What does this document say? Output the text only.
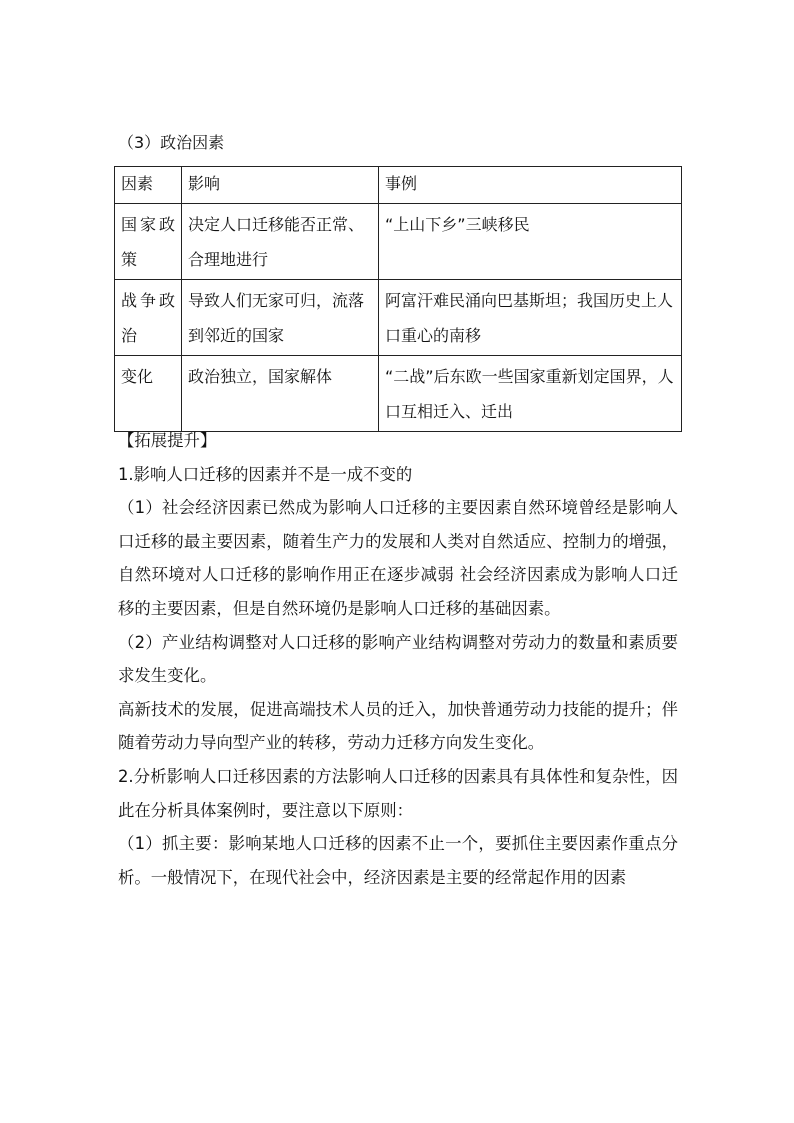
（3）政治因素
因素	影响	事例
国家政策	决定人口迁移能否正常、合理地进行	“上山下乡”三峡移民
战争政治	导致人们无家可归，流落到邻近的国家	阿富汗难民涌向巴基斯坦；我国历史上人口重心的南移
变化	政治独立，国家解体	“二战”后东欧一些国家重新划定国界，人口互相迁入、迁出

【拓展提升】

1.影响人口迁移的因素并不是一成不变的

（1）社会经济因素已然成为影响人口迁移的主要因素自然环境曾经是影响人口迁移的最主要因素，随着生产力的发展和人类对自然适应、控制力的增强，自然环境对人口迁移的影响作用正在逐步减弱 社会经济因素成为影响人口迁移的主要因素，但是自然环境仍是影响人口迁移的基础因素。

（2）产业结构调整对人口迁移的影响产业结构调整对劳动力的数量和素质要求发生变化。

高新技术的发展，促进高端技术人员的迁入，加快普通劳动力技能的提升；伴随着劳动力导向型产业的转移，劳动力迁移方向发生变化。

2.分析影响人口迁移因素的方法影响人口迁移的因素具有具体性和复杂性，因此在分析具体案例时，要注意以下原则：

（1）抓主要：影响某地人口迁移的因素不止一个，要抓住主要因素作重点分析。一般情况下，在现代社会中，经济因素是主要的经常起作用的因素
